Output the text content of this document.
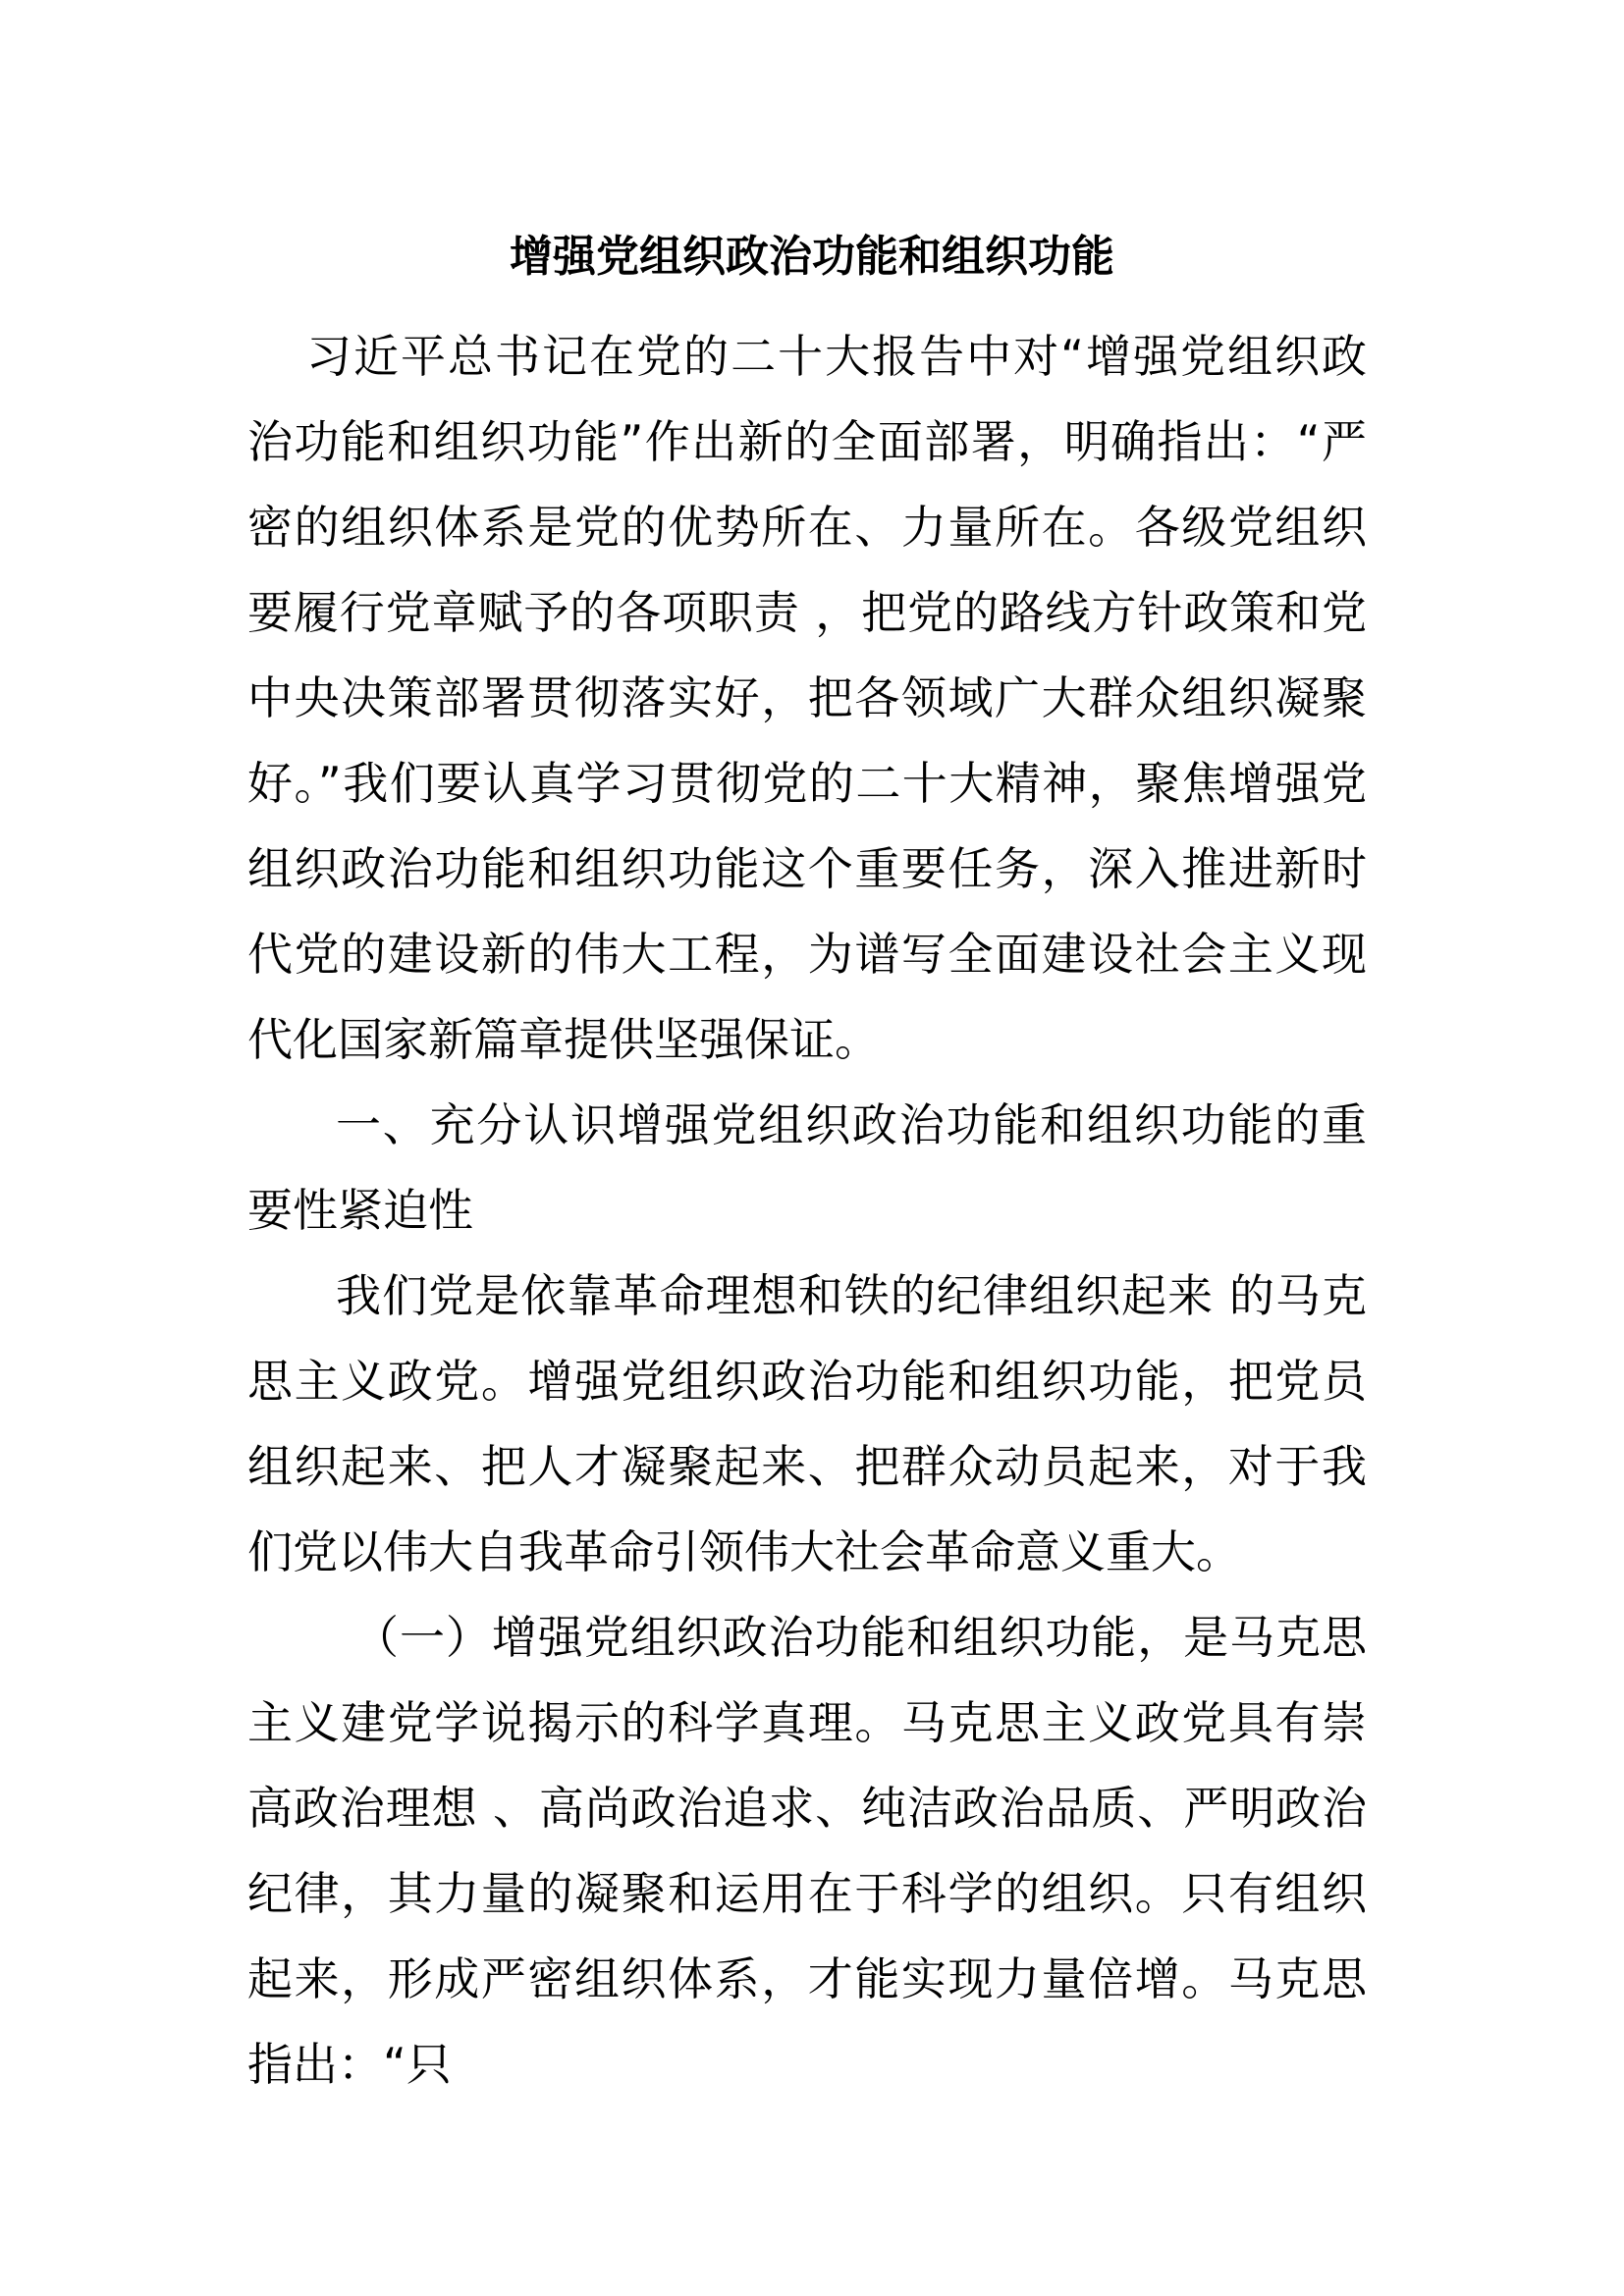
增强党组织政治功能和组织功能

习近平总书记在党的二十大报告中对“增强党组织政治功能和组织功能”作出新的全面部署，明确指出：“严密的组织体系是党的优势所在、力量所在。各级党组织要履行党章赋予的各项职责 ，把党的路线方针政策和党中央决策部署贯彻落实好，把各领域广大群众组织凝聚好。”我们要认真学习贯彻党的二十大精神，聚焦增强党组织政治功能和组织功能这个重要任务，深入推进新时代党的建设新的伟大工程，为谱写全面建设社会主义现代化国家新篇章提供坚强保证。

一、充分认识增强党组织政治功能和组织功能的重要性紧迫性

我们党是依靠革命理想和铁的纪律组织起来 的马克思主义政党。增强党组织政治功能和组织功能，把党员组织起来、把人才凝聚起来、把群众动员起来，对于我们党以伟大自我革命引领伟大社会革命意义重大。

（一）增强党组织政治功能和组织功能，是马克思主义建党学说揭示的科学真理。马克思主义政党具有崇高政治理想 、高尚政治追求、纯洁政治品质、严明政治纪律，其力量的凝聚和运用在于科学的组织。只有组织起来，形成严密组织体系，才能实现力量倍增。马克思指出：“只
